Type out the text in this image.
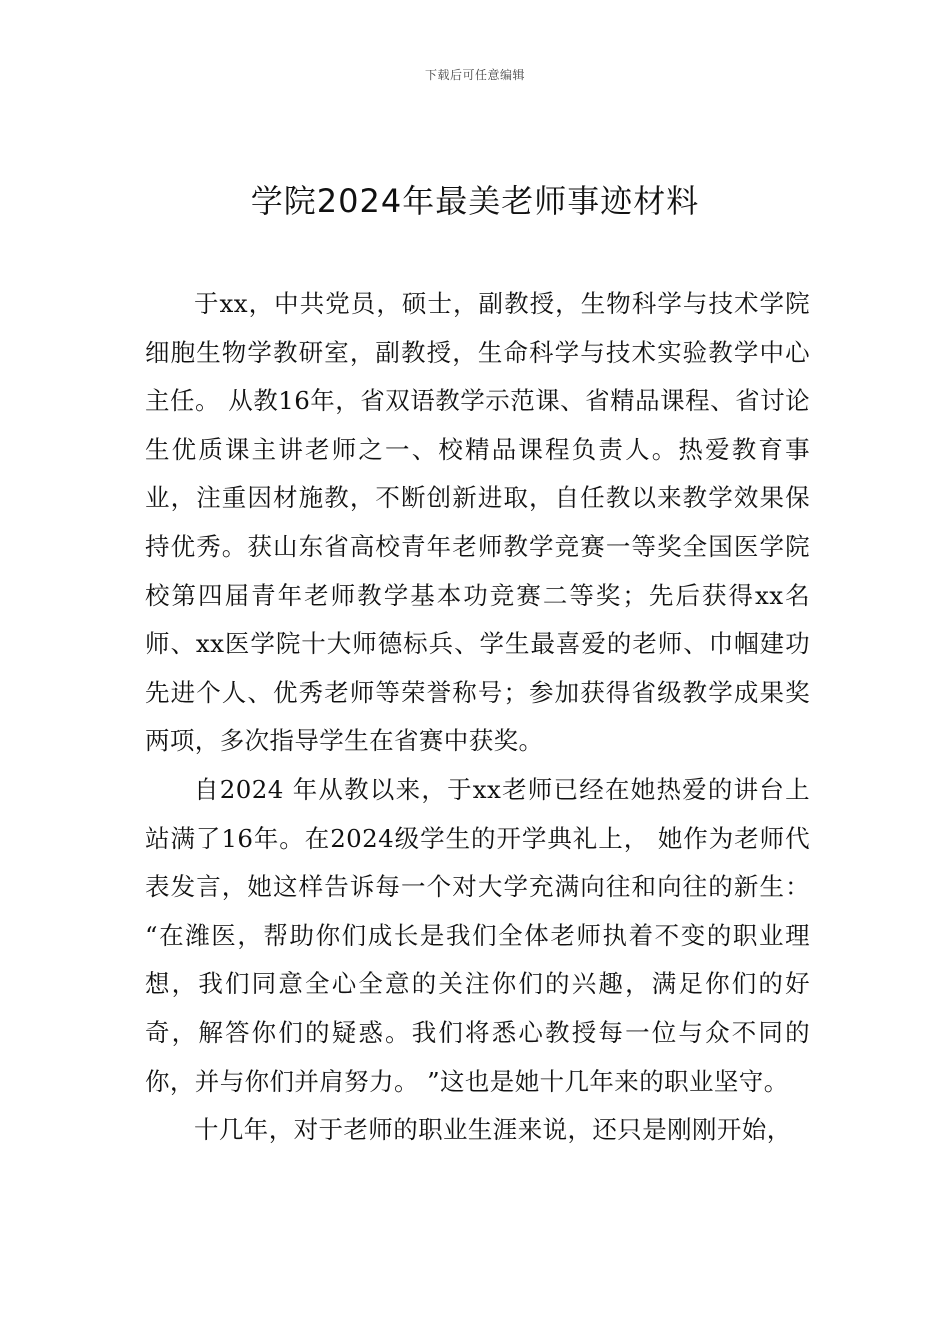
下载后可任意编辑
学院2024年最美老师事迹材料

于xx，中共党员，硕士，副教授，生物科学与技术学院细胞生物学教研室，副教授，生命科学与技术实验教学中心主任。 从教16年，省双语教学示范课、省精品课程、省讨论生优质课主讲老师之一、校精品课程负责人。热爱教育事业，注重因材施教，不断创新进取，自任教以来教学效果保持优秀。获山东省高校青年老师教学竞赛一等奖全国医学院校第四届青年老师教学基本功竞赛二等奖；先后获得xx名师、xx医学院十大师德标兵、学生最喜爱的老师、巾帼建功先进个人、优秀老师等荣誉称号；参加获得省级教学成果奖两项，多次指导学生在省赛中获奖。

自2024 年从教以来，于xx老师已经在她热爱的讲台上站满了16年。在2024级学生的开学典礼上， 她作为老师代表发言，她这样告诉每一个对大学充满向往和向往的新生： “在潍医，帮助你们成长是我们全体老师执着不变的职业理想，我们同意全心全意的关注你们的兴趣，满足你们的好奇，解答你们的疑惑。我们将悉心教授每一位与众不同的你，并与你们并肩努力。 ”这也是她十几年来的职业坚守。

十几年，对于老师的职业生涯来说，还只是刚刚开始，
